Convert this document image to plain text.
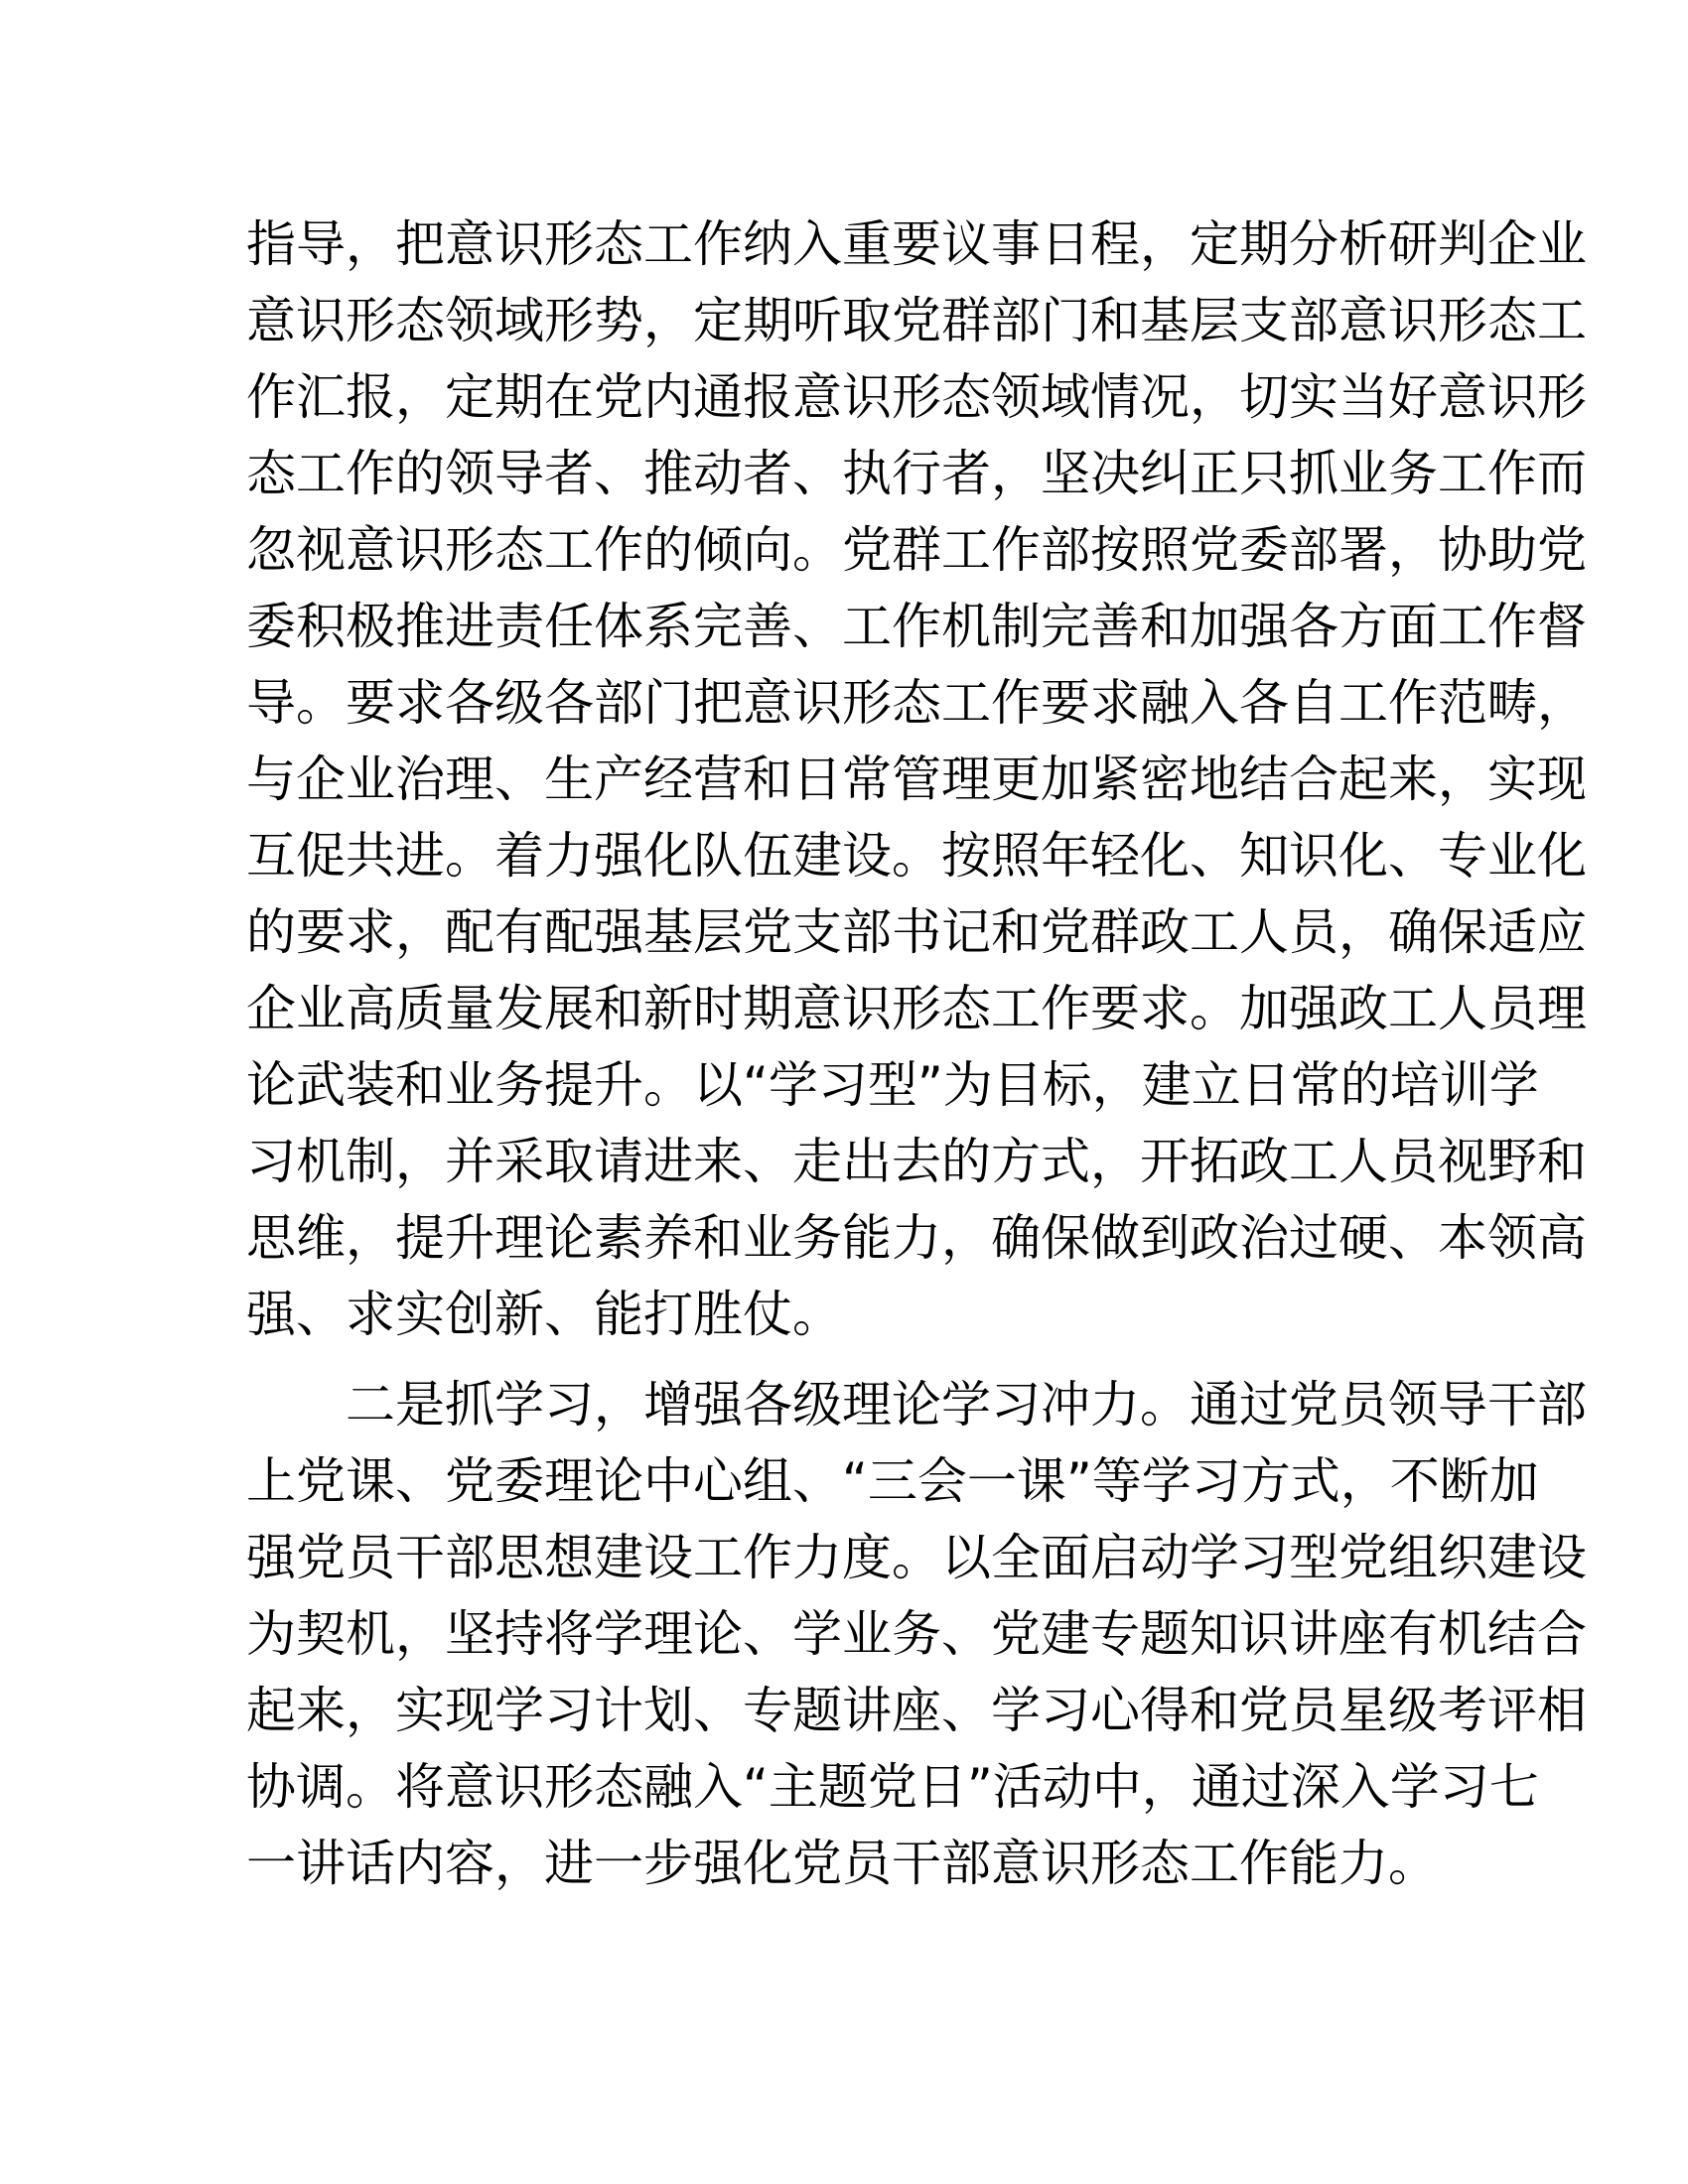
指导，把意识形态工作纳入重要议事日程，定期分析研判企业
意识形态领域形势，定期听取党群部门和基层支部意识形态工
作汇报，定期在党内通报意识形态领域情况，切实当好意识形
态工作的领导者、推动者、执行者，坚决纠正只抓业务工作而
忽视意识形态工作的倾向。党群工作部按照党委部署，协助党
委积极推进责任体系完善、工作机制完善和加强各方面工作督
导。要求各级各部门把意识形态工作要求融入各自工作范畴，
与企业治理、生产经营和日常管理更加紧密地结合起来，实现
互促共进。着力强化队伍建设。按照年轻化、知识化、专业化
的要求，配有配强基层党支部书记和党群政工人员，确保适应
企业高质量发展和新时期意识形态工作要求。加强政工人员理
论武装和业务提升。以“学习型”为目标，建立日常的培训学
习机制，并采取请进来、走出去的方式，开拓政工人员视野和
思维，提升理论素养和业务能力，确保做到政治过硬、本领高
强、求实创新、能打胜仗。

　　二是抓学习，增强各级理论学习冲力。通过党员领导干部
上党课、党委理论中心组、“三会一课”等学习方式，不断加
强党员干部思想建设工作力度。以全面启动学习型党组织建设
为契机，坚持将学理论、学业务、党建专题知识讲座有机结合
起来，实现学习计划、专题讲座、学习心得和党员星级考评相
协调。将意识形态融入“主题党日”活动中，通过深入学习七
一讲话内容，进一步强化党员干部意识形态工作能力。
